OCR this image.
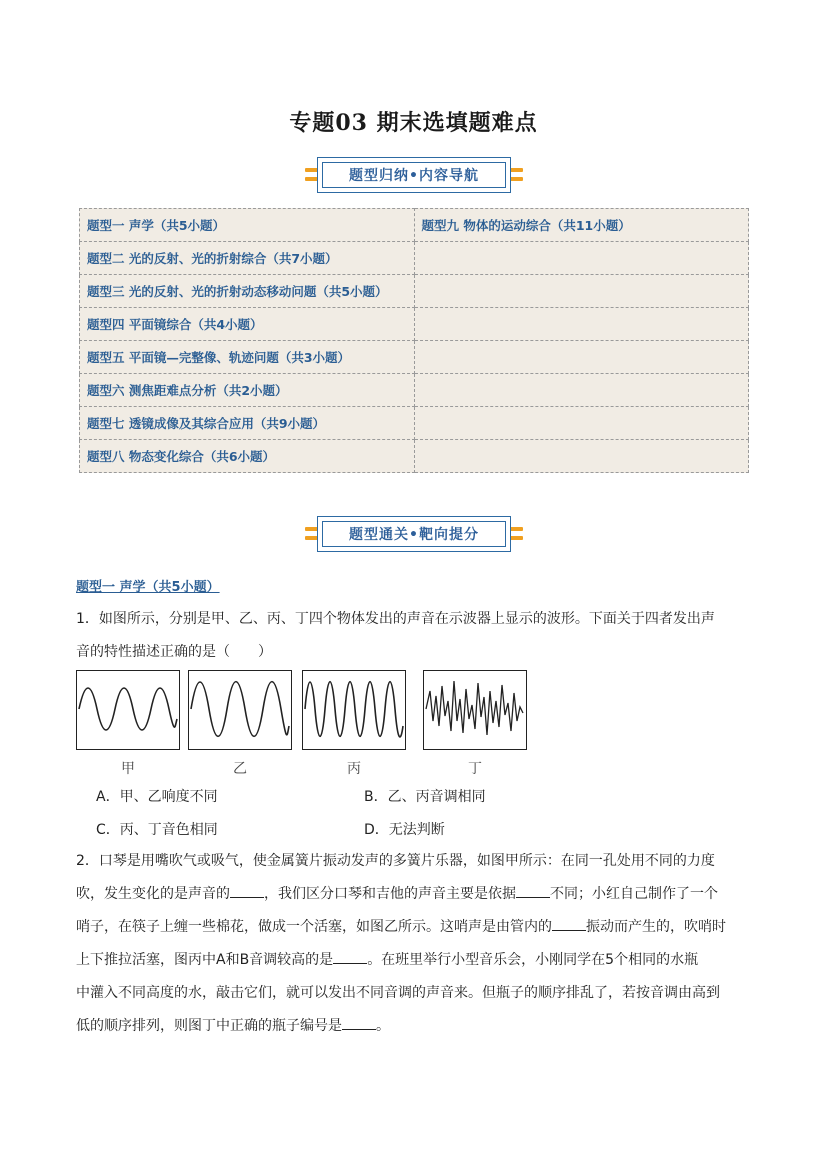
专题03 期末选填题难点
题型归纳•内容导航
题型一 声学（共5小题）	题型九 物体的运动综合（共11小题）
题型二 光的反射、光的折射综合（共7小题）	
题型三 光的反射、光的折射动态移动问题（共5小题）	
题型四 平面镜综合（共4小题）	
题型五 平面镜—完整像、轨迹问题（共3小题）	
题型六 测焦距难点分析（共2小题）	
题型七 透镜成像及其综合应用（共9小题）	
题型八 物态变化综合（共6小题）	
题型通关•靶向提分
题型一 声学（共5小题）
1．如图所示，分别是甲、乙、丙、丁四个物体发出的声音在示波器上显示的波形。下面关于四者发出声
音的特性描述正确的是（　　）
甲	乙	丙	丁
A．甲、乙响度不同	B．乙、丙音调相同
C．丙、丁音色相同	D．无法判断
2．口琴是用嘴吹气或吸气，使金属簧片振动发声的多簧片乐器，如图甲所示：在同一孔处用不同的力度
吹，发生变化的是声音的 ，我们区分口琴和吉他的声音主要是依据 不同；小红自己制作了一个
哨子，在筷子上缠一些棉花，做成一个活塞，如图乙所示。这哨声是由管内的 振动而产生的，吹哨时
上下推拉活塞，图丙中A和B音调较高的是 。在班里举行小型音乐会，小刚同学在5个相同的水瓶
中灌入不同高度的水，敲击它们，就可以发出不同音调的声音来。但瓶子的顺序排乱了，若按音调由高到
低的顺序排列，则图丁中正确的瓶子编号是 。
